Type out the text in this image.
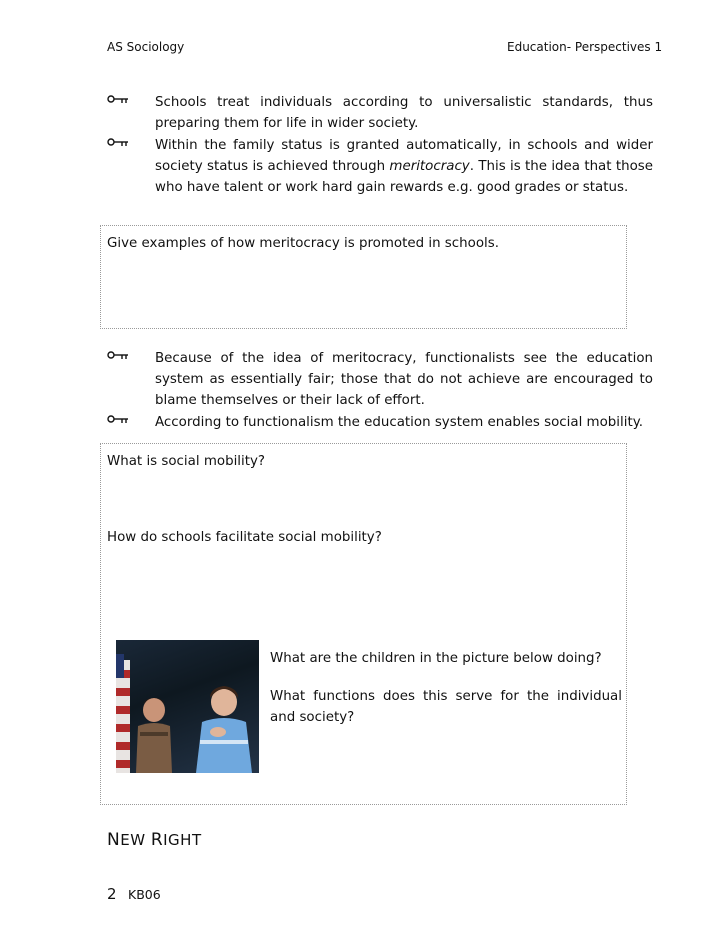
AS Sociology	Education- Perspectives 1
Schools treat individuals according to universalistic standards, thus preparing them for life in wider society.
Within the family status is granted automatically, in schools and wider society status is achieved through meritocracy. This is the idea that those who have talent or work hard gain rewards e.g. good grades or status.
Give examples of how meritocracy is promoted in schools.
Because of the idea of meritocracy, functionalists see the education system as essentially fair; those that do not achieve are encouraged to blame themselves or their lack of effort.
According to functionalism the education system enables social mobility.
What is social mobility?
How do schools facilitate social mobility?
What are the children in the picture below doing?
What functions does this serve for the individual and society?
NEW RIGHT
2 KB06
